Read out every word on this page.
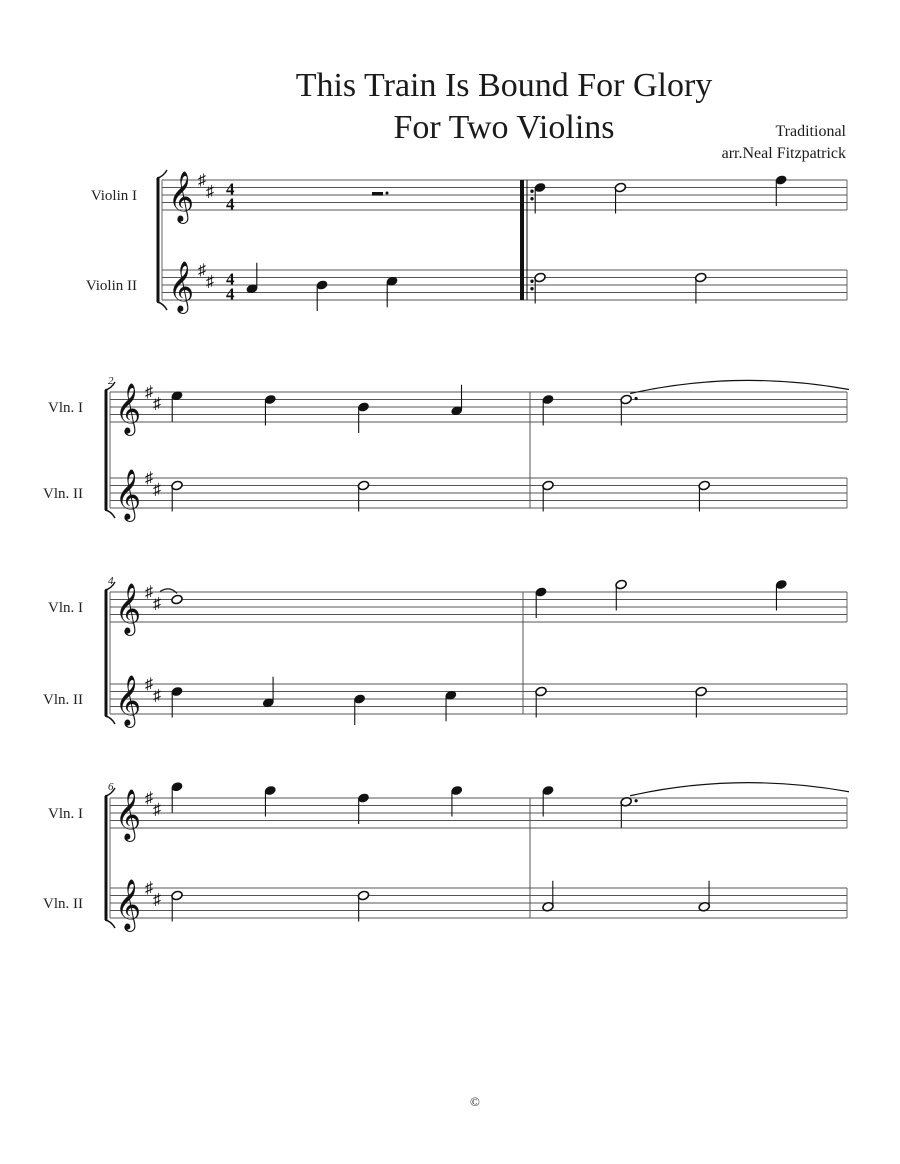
This Train Is Bound For Glory
For Two Violins	Traditional
arr.Neal Fitzpatrick
Violin I
Violin II
𝄞 ♯
♯ 4
4
𝄞 ♯
♯ 4
4
Vln. I
Vln. II
2
𝄞 ♯
♯
𝄞 ♯
♯
Vln. I
Vln. II
4
𝄞 ♯
♯
𝄞 ♯
♯
Vln. I
Vln. II
6
𝄞 ♯
♯
𝄞 ♯
♯
©
